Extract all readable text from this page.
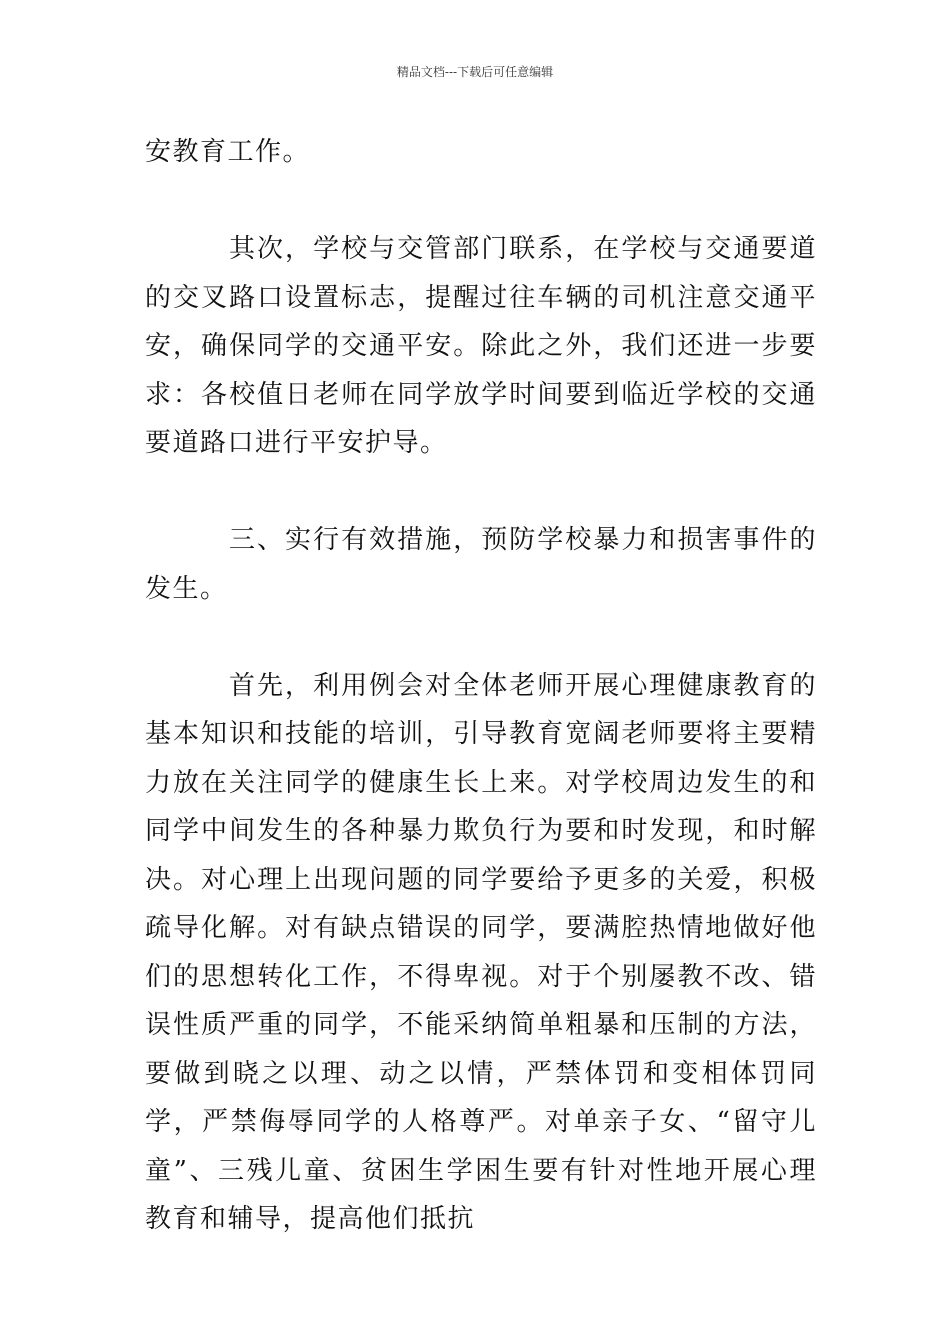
精品文档---下载后可任意编辑

安教育工作。

其次，学校与交管部门联系，在学校与交通要道的交叉路口设置标志，提醒过往车辆的司机注意交通平安，确保同学的交通平安。除此之外，我们还进一步要求：各校值日老师在同学放学时间要到临近学校的交通要道路口进行平安护导。

三、实行有效措施，预防学校暴力和损害事件的发生。

首先，利用例会对全体老师开展心理健康教育的基本知识和技能的培训，引导教育宽阔老师要将主要精力放在关注同学的健康生长上来。对学校周边发生的和同学中间发生的各种暴力欺负行为要和时发现，和时解决。对心理上出现问题的同学要给予更多的关爱，积极疏导化解。对有缺点错误的同学，要满腔热情地做好他们的思想转化工作，不得卑视。对于个别屡教不改、错误性质严重的同学，不能采纳简单粗暴和压制的方法，要做到晓之以理、动之以情，严禁体罚和变相体罚同学，严禁侮辱同学的人格尊严。对单亲子女、“留守儿童”、三残儿童、贫困生学困生要有针对性地开展心理教育和辅导，提高他们抵抗
